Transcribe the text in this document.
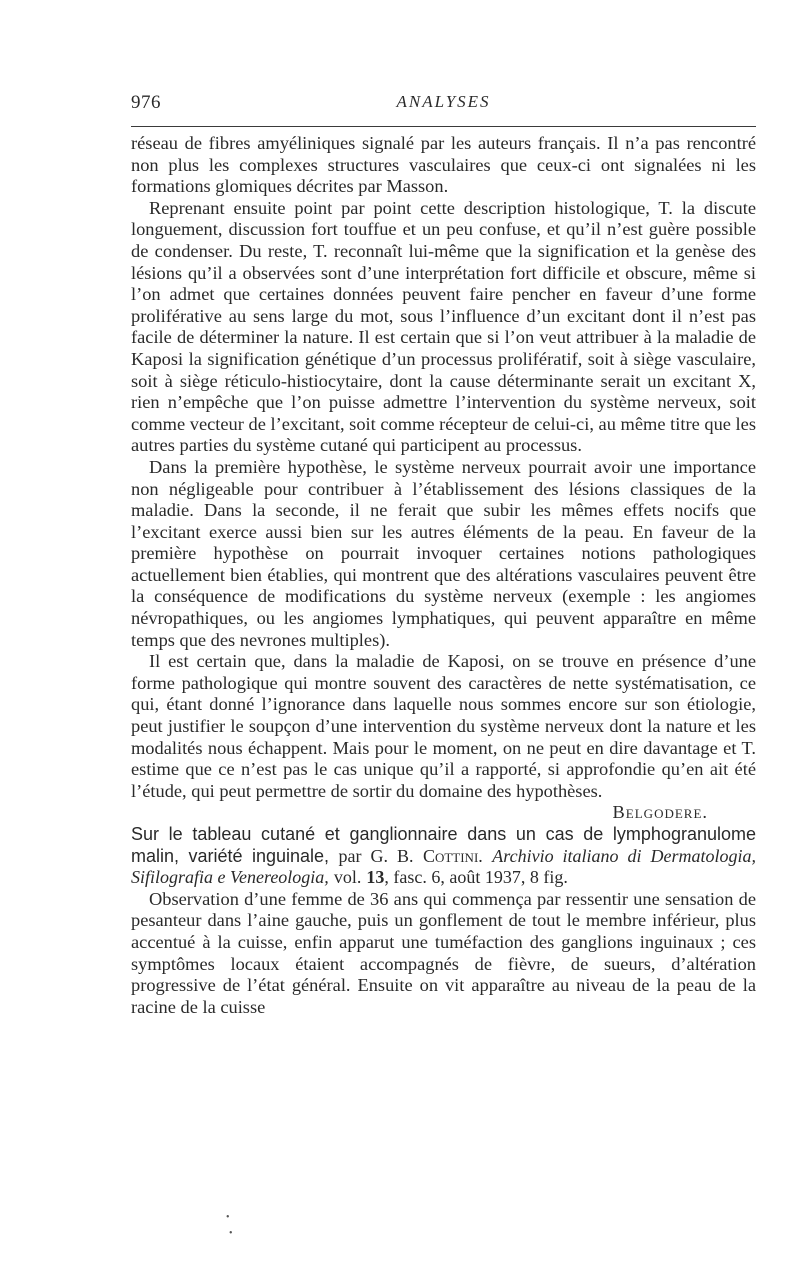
976	ANALYSES

réseau de fibres amyéliniques signalé par les auteurs français. Il n’a pas rencontré non plus les complexes structures vasculaires que ceux-ci ont signalées ni les formations glomiques décrites par Masson.

Reprenant ensuite point par point cette description histologique, T. la discute longuement, discussion fort touffue et un peu confuse, et qu’il n’est guère possible de condenser. Du reste, T. reconnaît lui-même que la signification et la genèse des lésions qu’il a observées sont d’une interprétation fort difficile et obscure, même si l’on admet que certaines données peuvent faire pencher en faveur d’une forme proliférative au sens large du mot, sous l’influence d’un excitant dont il n’est pas facile de déterminer la nature. Il est certain que si l’on veut attribuer à la maladie de Kaposi la signification génétique d’un processus prolifératif, soit à siège vasculaire, soit à siège réticulo-histiocytaire, dont la cause déterminante serait un excitant X, rien n’empêche que l’on puisse admettre l’intervention du système nerveux, soit comme vecteur de l’excitant, soit comme récepteur de celui-ci, au même titre que les autres parties du système cutané qui participent au processus.

Dans la première hypothèse, le système nerveux pourrait avoir une importance non négligeable pour contribuer à l’établissement des lésions classiques de la maladie. Dans la seconde, il ne ferait que subir les mêmes effets nocifs que l’excitant exerce aussi bien sur les autres éléments de la peau. En faveur de la première hypothèse on pourrait invoquer certaines notions pathologiques actuellement bien établies, qui montrent que des altérations vasculaires peuvent être la conséquence de modifications du système nerveux (exemple : les angiomes névropathiques, ou les angiomes lymphatiques, qui peuvent apparaître en même temps que des nevrones multiples).

Il est certain que, dans la maladie de Kaposi, on se trouve en présence d’une forme pathologique qui montre souvent des caractères de nette systématisation, ce qui, étant donné l’ignorance dans laquelle nous sommes encore sur son étiologie, peut justifier le soupçon d’une intervention du système nerveux dont la nature et les modalités nous échappent. Mais pour le moment, on ne peut en dire davantage et T. estime que ce n’est pas le cas unique qu’il a rapporté, si approfondie qu’en ait été l’étude, qui peut permettre de sortir du domaine des hypothèses.

Belgodere.

Sur le tableau cutané et ganglionnaire dans un cas de lymphogranulome malin, variété inguinale, par G. B. Cottini. Archivio italiano di Dermatologia, Sifilografia e Venereologia, vol. 13, fasc. 6, août 1937, 8 fig.

Observation d’une femme de 36 ans qui commença par ressentir une sensation de pesanteur dans l’aine gauche, puis un gonflement de tout le membre inférieur, plus accentué à la cuisse, enfin apparut une tuméfaction des ganglions inguinaux ; ces symptômes locaux étaient accompagnés de fièvre, de sueurs, d’altération progressive de l’état général. Ensuite on vit apparaître au niveau de la peau de la racine de la cuisse

•
•
